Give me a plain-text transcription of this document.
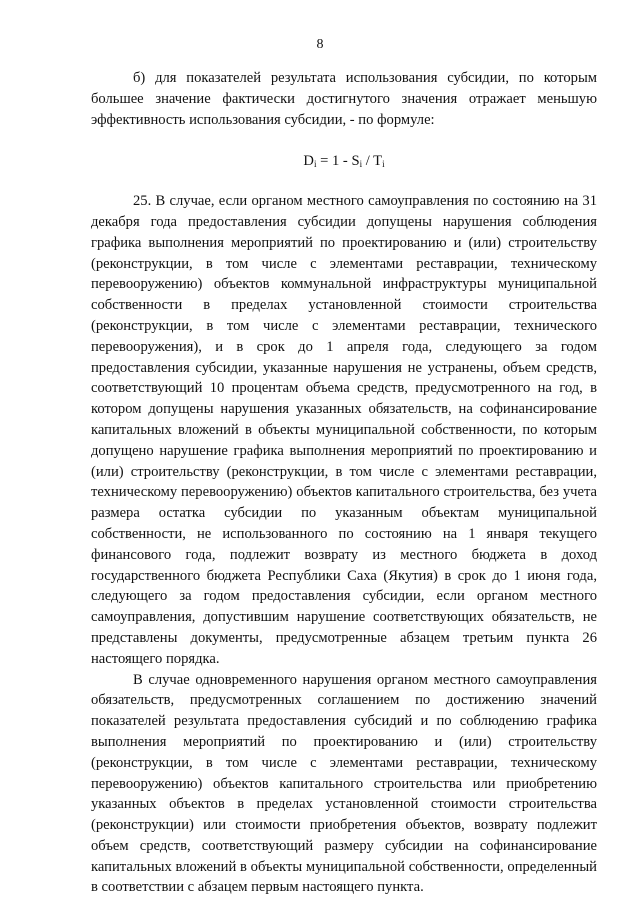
8

б) для показателей результата использования субсидии, по которым большее значение фактически достигнутого значения отражает меньшую эффективность использования субсидии, - по формуле:

$D_i = 1 - S_i / T_i$

25. В случае, если органом местного самоуправления по состоянию на 31 декабря года предоставления субсидии допущены нарушения соблюдения графика выполнения мероприятий по проектированию и (или) строительству (реконструкции, в том числе с элементами реставрации, техническому перевооружению) объектов коммунальной инфраструктуры муниципальной собственности в пределах установленной стоимости строительства (реконструкции, в том числе с элементами реставрации, технического перевооружения), и в срок до 1 апреля года, следующего за годом предоставления субсидии, указанные нарушения не устранены, объем средств, соответствующий 10 процентам объема средств, предусмотренного на год, в котором допущены нарушения указанных обязательств, на софинансирование капитальных вложений в объекты муниципальной собственности, по которым допущено нарушение графика выполнения мероприятий по проектированию и (или) строительству (реконструкции, в том числе с элементами реставрации, техническому перевооружению) объектов капитального строительства, без учета размера остатка субсидии по указанным объектам муниципальной собственности, не использованного по состоянию на 1 января текущего финансового года, подлежит возврату из местного бюджета в доход государственного бюджета Республики Саха (Якутия) в срок до 1 июня года, следующего за годом предоставления субсидии, если органом местного самоуправления, допустившим нарушение соответствующих обязательств, не представлены документы, предусмотренные абзацем третьим пункта 26 настоящего порядка.

В случае одновременного нарушения органом местного самоуправления обязательств, предусмотренных соглашением по достижению значений показателей результата предоставления субсидий и по соблюдению графика выполнения мероприятий по проектированию и (или) строительству (реконструкции, в том числе с элементами реставрации, техническому перевооружению) объектов капитального строительства или приобретению указанных объектов в пределах установленной стоимости строительства (реконструкции) или стоимости приобретения объектов, возврату подлежит объем средств, соответствующий размеру субсидии на софинансирование капитальных вложений в объекты муниципальной собственности, определенный в соответствии с абзацем первым настоящего пункта.
